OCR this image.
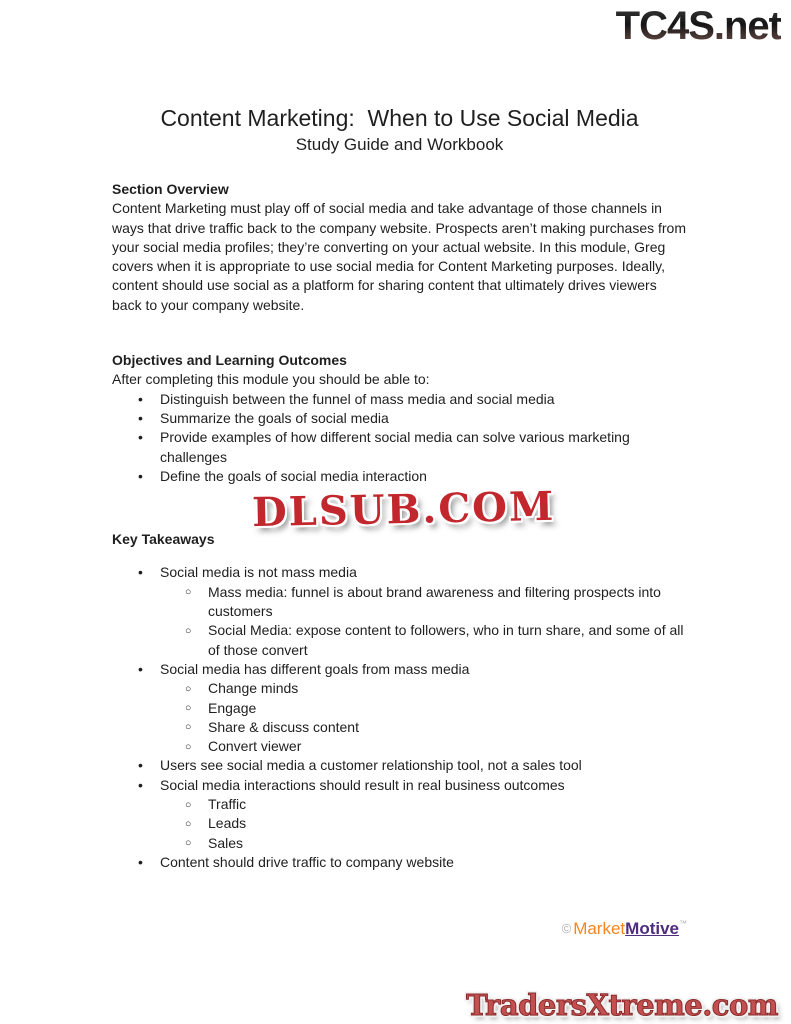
TC4S.net
Content Marketing:  When to Use Social Media
Study Guide and Workbook
Section Overview

Content Marketing must play off of social media and take advantage of those channels in ways that drive traffic back to the company website. Prospects aren’t making purchases from your social media profiles; they’re converting on your actual website. In this module, Greg covers when it is appropriate to use social media for Content Marketing purposes. Ideally, content should use social as a platform for sharing content that ultimately drives viewers back to your company website.

Objectives and Learning Outcomes
After completing this module you should be able to:
• Distinguish between the funnel of mass media and social media
• Summarize the goals of social media
• Provide examples of how different social media can solve various marketing challenges
• Define the goals of social media interaction
Key Takeaways
• Social media is not mass media
○ Mass media: funnel is about brand awareness and filtering prospects into customers
○ Social Media: expose content to followers, who in turn share, and some of all of those convert
• Social media has different goals from mass media
○ Change minds
○ Engage
○ Share & discuss content
○ Convert viewer
• Users see social media a customer relationship tool, not a sales tool
• Social media interactions should result in real business outcomes
○ Traffic
○ Leads
○ Sales
• Content should drive traffic to company website
DLSUB.COM
© MarketMotive™
TradersXtreme.com
